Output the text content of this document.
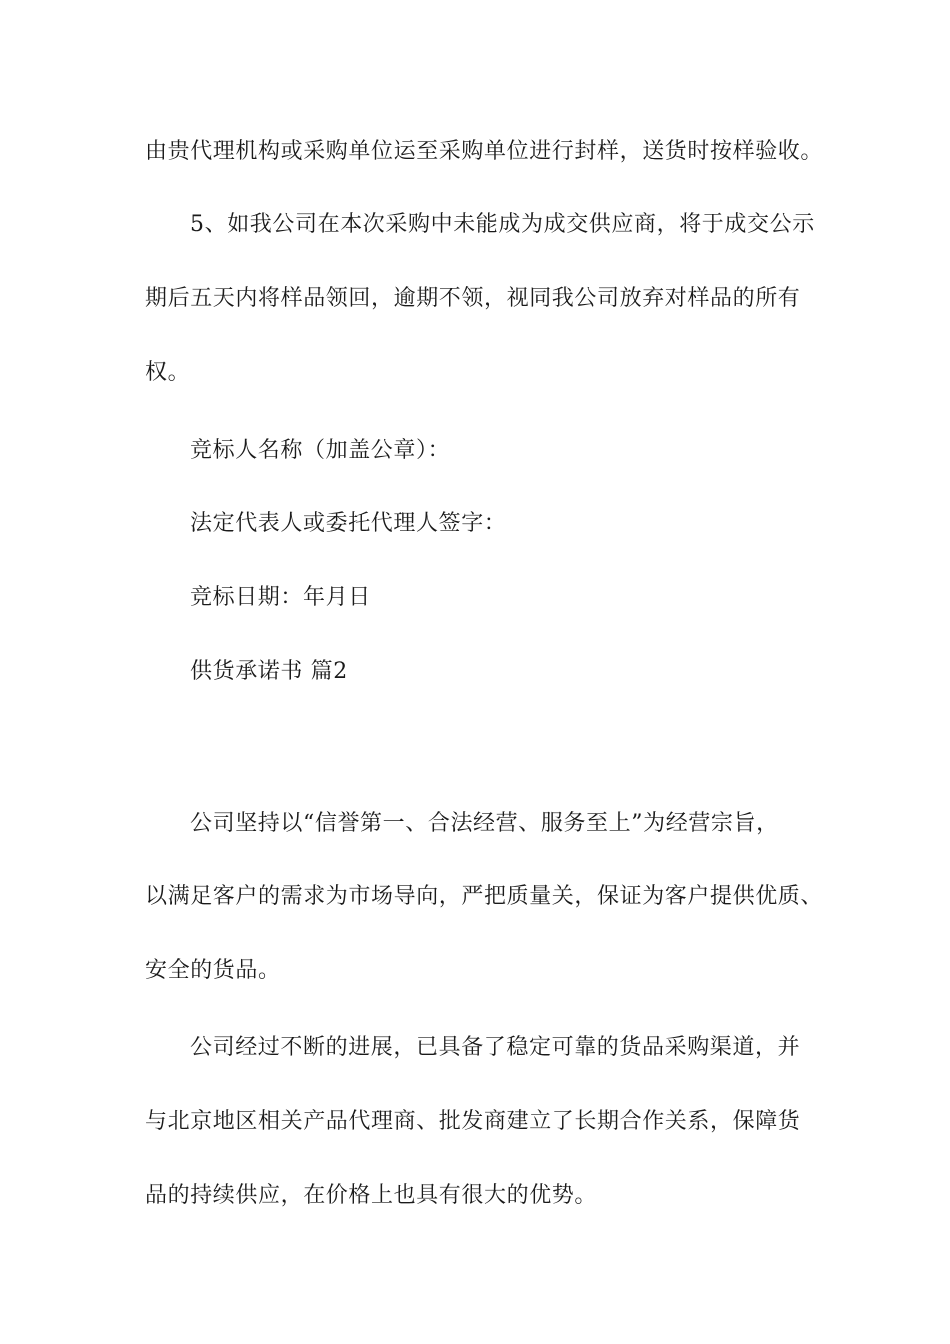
由贵代理机构或采购单位运至采购单位进行封样，送货时按样验收。
5、如我公司在本次采购中未能成为成交供应商，将于成交公示
期后五天内将样品领回，逾期不领，视同我公司放弃对样品的所有
权。
竞标人名称（加盖公章）：
法定代表人或委托代理人签字：
竞标日期：年月日
供货承诺书 篇2
公司坚持以“信誉第一、合法经营、服务至上”为经营宗旨，
以满足客户的需求为市场导向，严把质量关，保证为客户提供优质、
安全的货品。
公司经过不断的进展，已具备了稳定可靠的货品采购渠道，并
与北京地区相关产品代理商、批发商建立了长期合作关系，保障货
品的持续供应，在价格上也具有很大的优势。
